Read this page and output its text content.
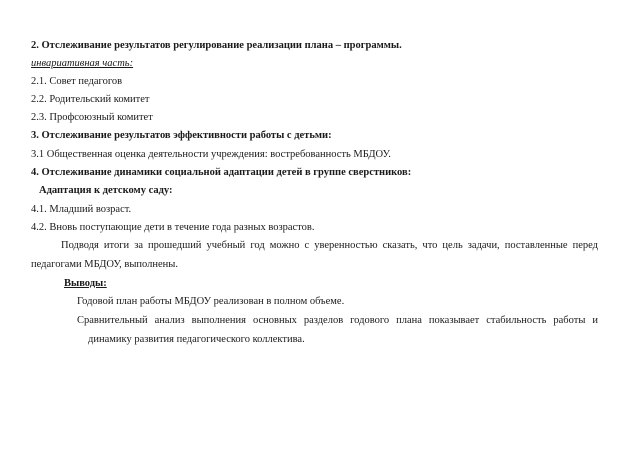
2. Отслеживание результатов регулирование реализации плана – программы.
инвариативная часть:
2.1. Совет педагогов
2.2. Родительский комитет
2.3. Профсоюзный комитет
3. Отслеживание результатов эффективности работы с детьми:
3.1 Общественная оценка деятельности учреждения: востребованность МБДОУ.
4. Отслеживание динамики социальной адаптации детей в группе сверстников:
Адаптация к детскому саду:
4.1. Младший возраст.
4.2. Вновь поступающие дети в течение года разных возрастов.
Подводя итоги за прошедший учебный год можно с уверенностью сказать, что цель задачи, поставленные перед
педагогами МБДОУ, выполнены.
Выводы:
Годовой план работы МБДОУ реализован в полном объеме.
Сравнительный анализ выполнения основных разделов годового плана показывает стабильность работы и
динамику развития педагогического коллектива.
